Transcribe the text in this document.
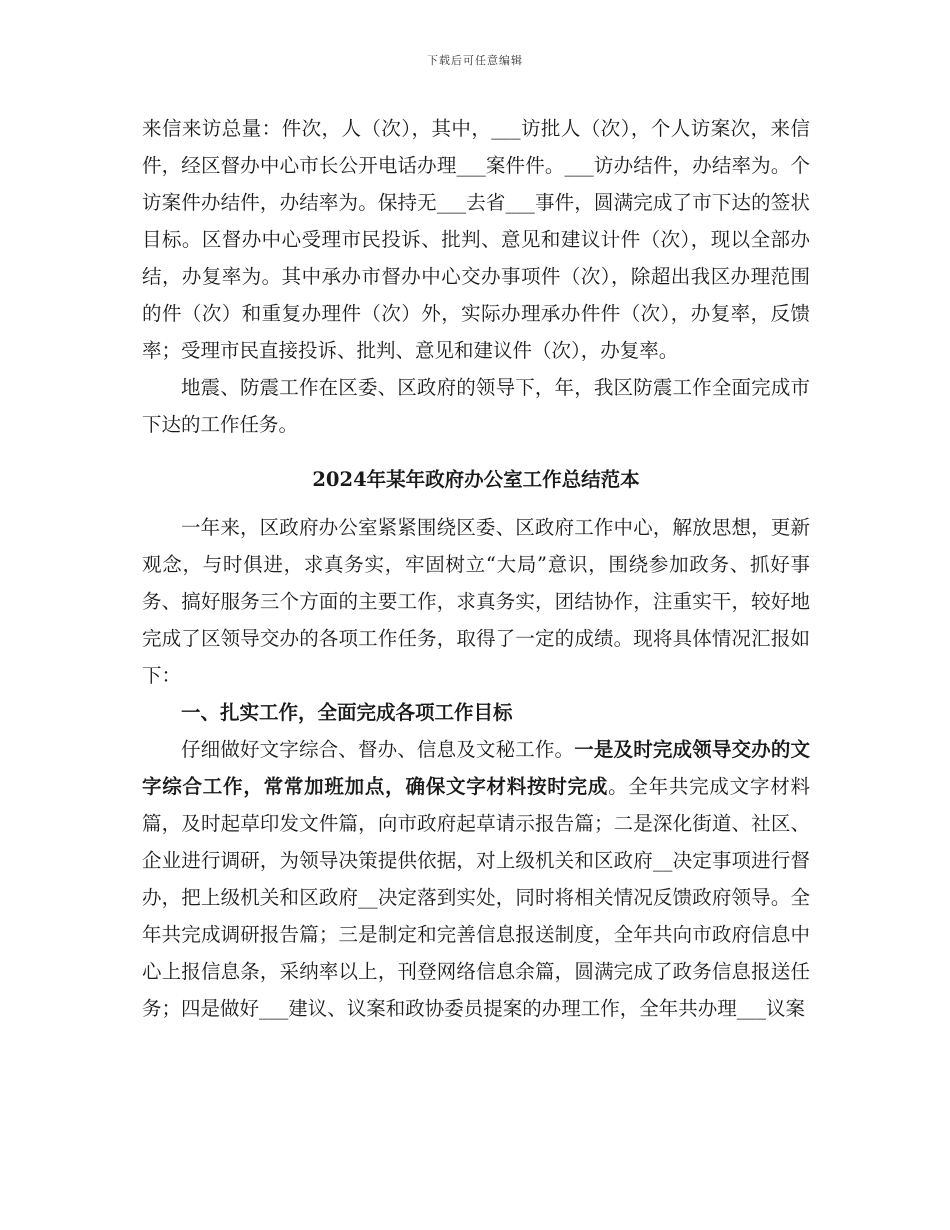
下载后可任意编辑

来信来访总量：件次，人（次），其中，___访批人（次），个人访案次，来信件，经区督办中心市长公开电话办理___案件件。___访办结件，办结率为。个访案件办结件，办结率为。保持无___去省___事件，圆满完成了市下达的签状目标。区督办中心受理市民投诉、批判、意见和建议计件（次），现以全部办结，办复率为。其中承办市督办中心交办事项件（次），除超出我区办理范围的件（次）和重复办理件（次）外，实际办理承办件件（次），办复率，反馈率；受理市民直接投诉、批判、意见和建议件（次），办复率。

地震、防震工作在区委、区政府的领导下，年，我区防震工作全面完成市下达的工作任务。

2024年某年政府办公室工作总结范本

一年来，区政府办公室紧紧围绕区委、区政府工作中心，解放思想，更新观念，与时俱进，求真务实，牢固树立“大局”意识，围绕参加政务、抓好事务、搞好服务三个方面的主要工作，求真务实，团结协作，注重实干，较好地完成了区领导交办的各项工作任务，取得了一定的成绩。现将具体情况汇报如下：

一、扎实工作，全面完成各项工作目标

仔细做好文字综合、督办、信息及文秘工作。一是及时完成领导交办的文字综合工作，常常加班加点，确保文字材料按时完成。全年共完成文字材料篇，及时起草印发文件篇，向市政府起草请示报告篇；二是深化街道、社区、企业进行调研，为领导决策提供依据，对上级机关和区政府__决定事项进行督办，把上级机关和区政府__决定落到实处，同时将相关情况反馈政府领导。全年共完成调研报告篇；三是制定和完善信息报送制度，全年共向市政府信息中心上报信息条，采纳率以上，刊登网络信息余篇，圆满完成了政务信息报送任务；四是做好___建议、议案和政协委员提案的办理工作，全年共办理___议案
